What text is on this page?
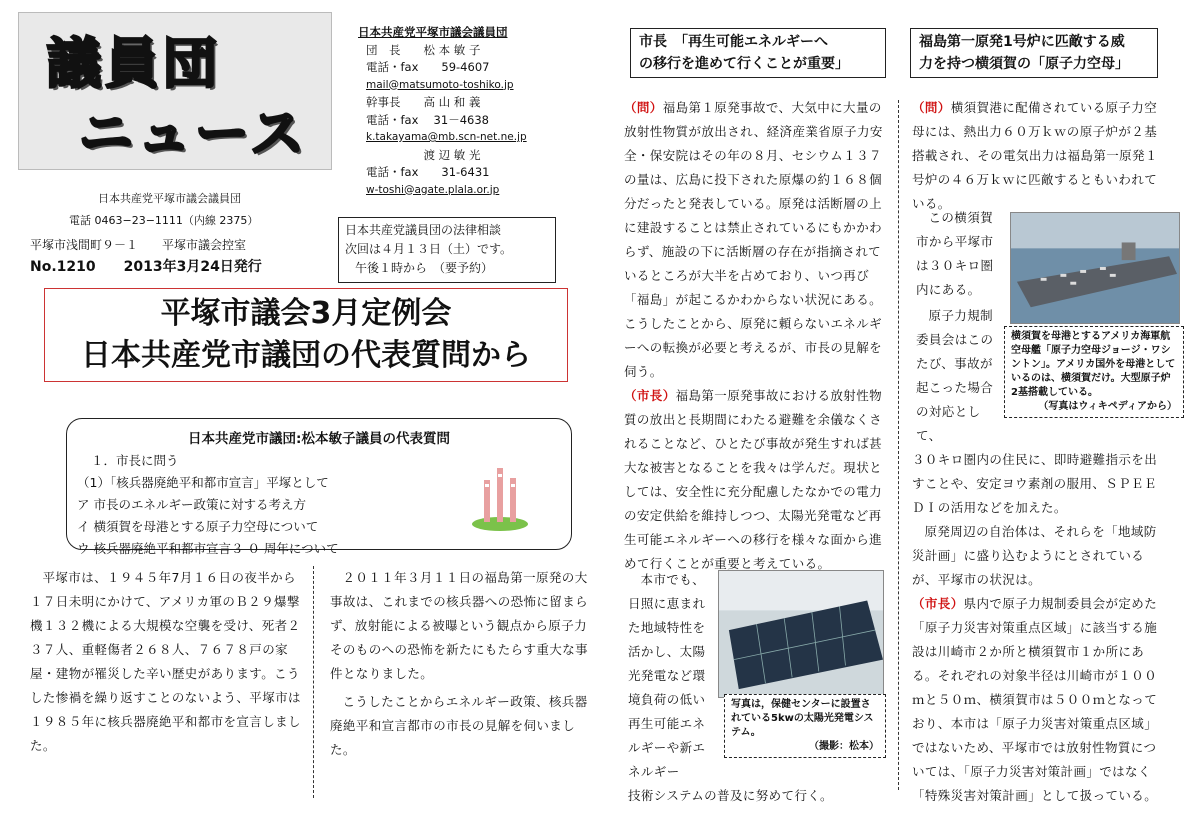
議員団
ニュース
日本共産党平塚市議会議員団
電話 0463−23−1111（内線 2375）
平塚市浅間町９－１　　平塚市議会控室
No.1210　　2013年3月24日発行
日本共産党平塚市議会議員団
団　長　　松 本 敏 子
電話・fax　　59-4607
mail@matsumoto-toshiko.jp
幹事長　　高 山 和 義
電話・fax　 31－4638
k.takayama@mb.scn-net.ne.jp
　　　　　渡 辺 敏 光
電話・fax　　31-6431
w-toshi@agate.plala.or.jp
日本共産党議員団の法律相談
次回は４月１３日（土）です。
午後１時から　（要予約）
平塚市議会3月定例会
日本共産党市議団の代表質問から
日本共産党市議団:松本敏子議員の代表質問
１．市長に問う
（1）「核兵器廃絶平和都市宣言」平塚として
ア 市長のエネルギー政策に対する考え方
イ 横須賀を母港とする原子力空母について
ウ 核兵器廃絶平和都市宣言３ ０ 周年について
平塚市は、１９４５年7月１６日の夜半から１７日未明にかけて、アメリカ軍のＢ２９爆撃機１３２機による大規模な空襲を受け、死者２３７人、重軽傷者２６８人、７６７８戸の家屋・建物が罹災した辛い歴史があります。こうした惨禍を繰り返すことのないよう、平塚市は１９８５年に核兵器廃絶平和都市を宣言しました。
２０１１年３月１１日の福島第一原発の大事故は、これまでの核兵器への恐怖に留まらず、放射能による被曝という観点から原子力そのものへの恐怖を新たにもたらす重大な事件となりました。
こうしたことからエネルギー政策、核兵器廃絶平和宣言都市の市長の見解を伺いました。
市長　「再生可能エネルギーへ
の移行を進めて行くことが重要」
（問）福島第１原発事故で、大気中に大量の放射性物質が放出され、経済産業省原子力安全・保安院はその年の８月、セシウム１３７の量は、広島に投下された原爆の約１６８個分だったと発表している。原発は活断層の上に建設することは禁止されているにもかかわらず、施設の下に活断層の存在が指摘されているところが大半を占めており、いつ再び「福島」が起こるかわからない状況にある。こうしたことから、原発に頼らないエネルギーへの転換が必要と考えるが、市長の見解を伺う。
（市長）福島第一原発事故における放射性物質の放出と長期間にわたる避難を余儀なくされることなど、ひとたび事故が発生すれば甚大な被害となることを我々は学んだ。現状としては、安全性に充分配慮したなかでの電力の安定供給を維持しつつ、太陽光発電など再生可能エネルギーへの移行を様々な面から進めて行くことが重要と考えている。
本市でも、日照に恵まれた地域特性を活かし、太陽光発電など環境負荷の低い再生可能エネルギーや新エネルギー
技術システムの普及に努めて行く。
写真は，保健センターに設置されている5kwの太陽光発電システム。
（撮影：松本）
福島第一原発1号炉に匹敵する威
力を持つ横須賀の「原子力空母」
（問）横須賀港に配備されている原子力空母には、熱出力６０万ｋｗの原子炉が２基搭載され、その電気出力は福島第一原発１号炉の４６万ｋｗに匹敵するともいわれている。
この横須賀市から平塚市は３０キロ圏内にある。
原子力規制委員会はこのたび、事故が起こった場合の対応として、
横須賀を母港とするアメリカ海軍航空母艦「原子力空母ジョージ・ワシントン」。アメリカ国外を母港としているのは、横須賀だけ。大型原子炉2基搭載している。
（写真はウィキペディアから）
３０キロ圏内の住民に、即時避難指示を出すことや、安定ヨウ素剤の服用、ＳＰＥＥＤＩの活用などを加えた。
原発周辺の自治体は、それらを「地域防災計画」に盛り込むようにとされているが、平塚市の状況は。
（市長）県内で原子力規制委員会が定めた「原子力災害対策重点区域」に該当する施設は川崎市２か所と横須賀市１か所にある。それぞれの対象半径は川崎市が１００ｍと５０ｍ、横須賀市は５００ｍとなっており、本市は「原子力災害対策重点区域」ではないため、平塚市では放射性物質については、「原子力災害対策計画」ではなく「特殊災害対策計画」として扱っている。
